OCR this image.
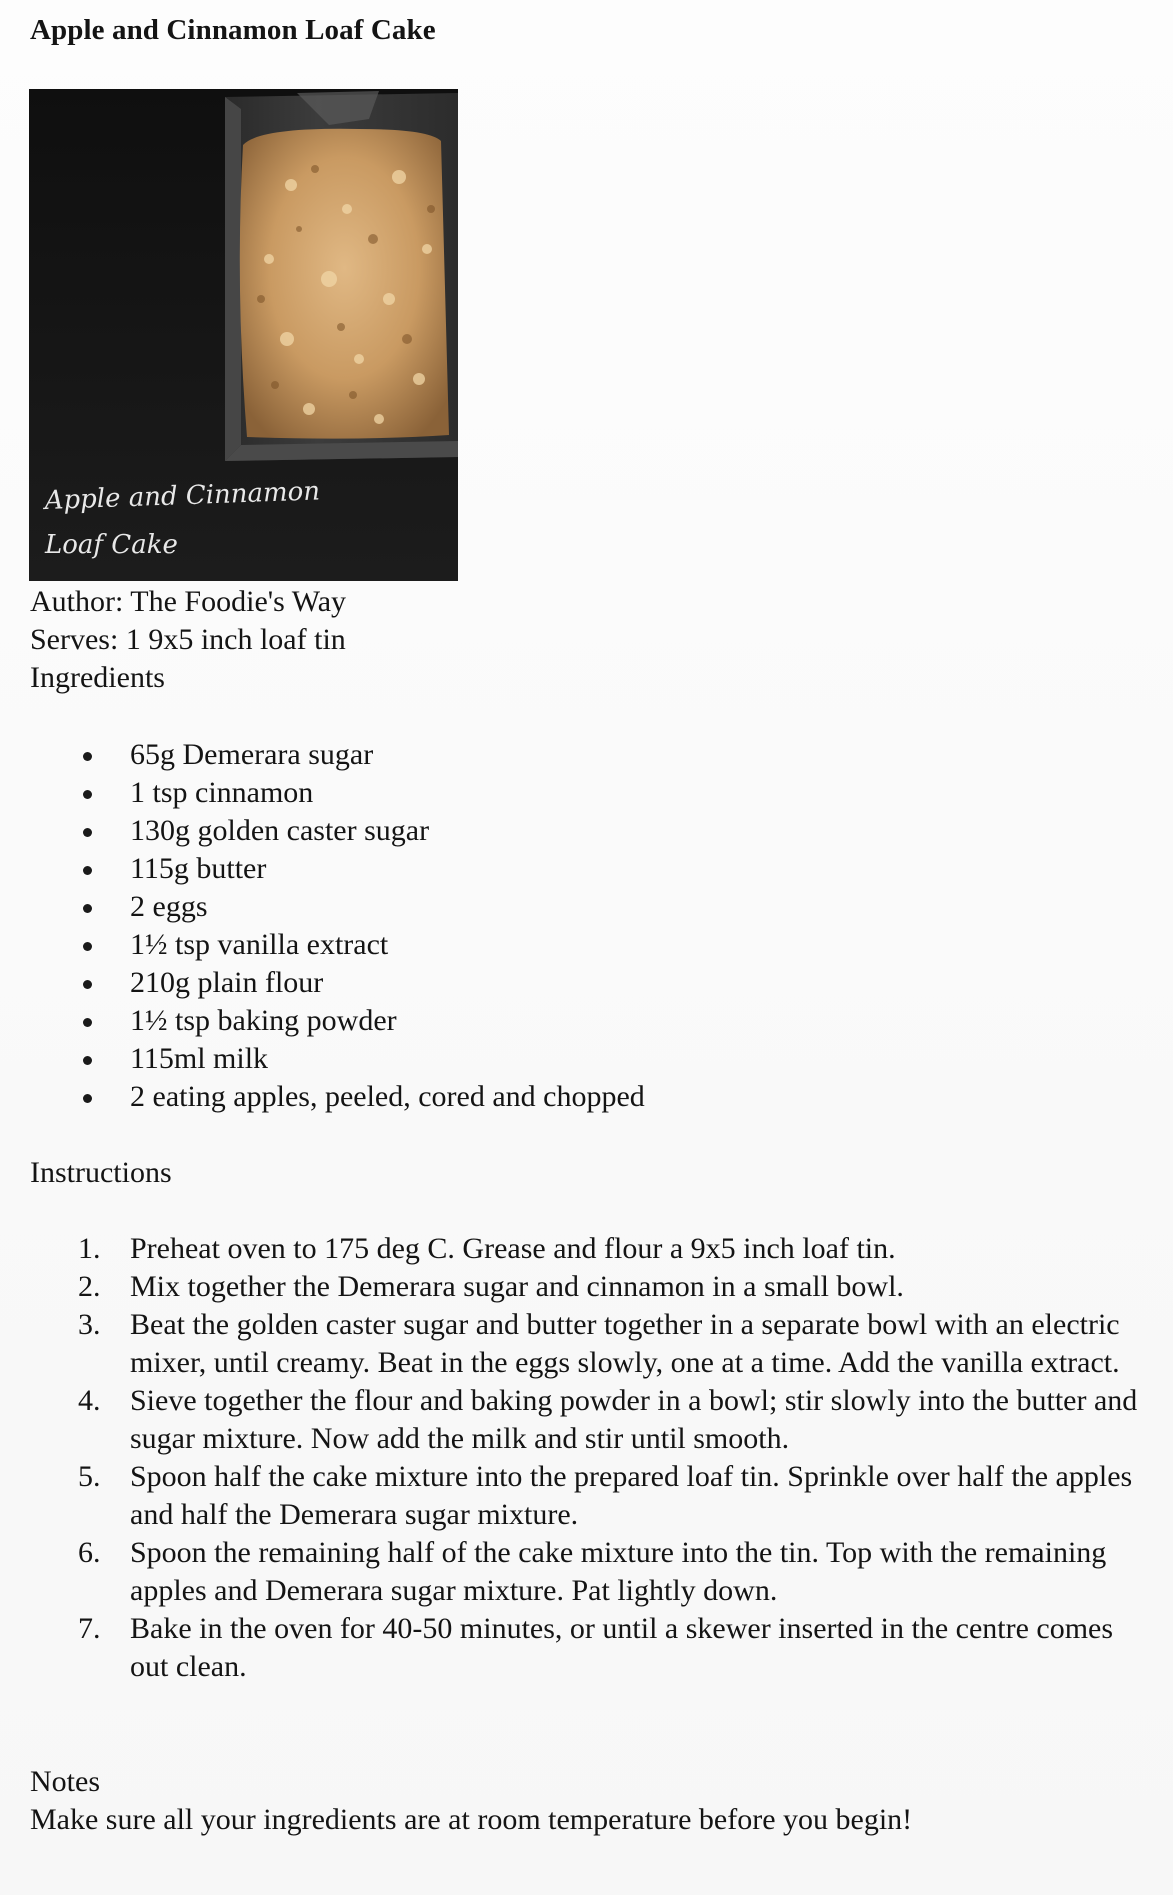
Apple and Cinnamon Loaf Cake
Apple and Cinnamon
Loaf Cake

Author: The Foodie's Way

Serves: 1 9x5 inch loaf tin

Ingredients

65g Demerara sugar
1 tsp cinnamon
130g golden caster sugar
115g butter
2 eggs
1½ tsp vanilla extract
210g plain flour
1½ tsp baking powder
115ml milk
2 eating apples, peeled, cored and chopped

Instructions

1. Preheat oven to 175 deg C. Grease and flour a 9x5 inch loaf tin.
2. Mix together the Demerara sugar and cinnamon in a small bowl.
3. Beat the golden caster sugar and butter together in a separate bowl with an electric mixer, until creamy. Beat in the eggs slowly, one at a time. Add the vanilla extract.
4. Sieve together the flour and baking powder in a bowl; stir slowly into the butter and sugar mixture. Now add the milk and stir until smooth.
5. Spoon half the cake mixture into the prepared loaf tin. Sprinkle over half the apples and half the Demerara sugar mixture.
6. Spoon the remaining half of the cake mixture into the tin. Top with the remaining apples and Demerara sugar mixture. Pat lightly down.
7. Bake in the oven for 40-50 minutes, or until a skewer inserted in the centre comes out clean.

Notes

Make sure all your ingredients are at room temperature before you begin!
